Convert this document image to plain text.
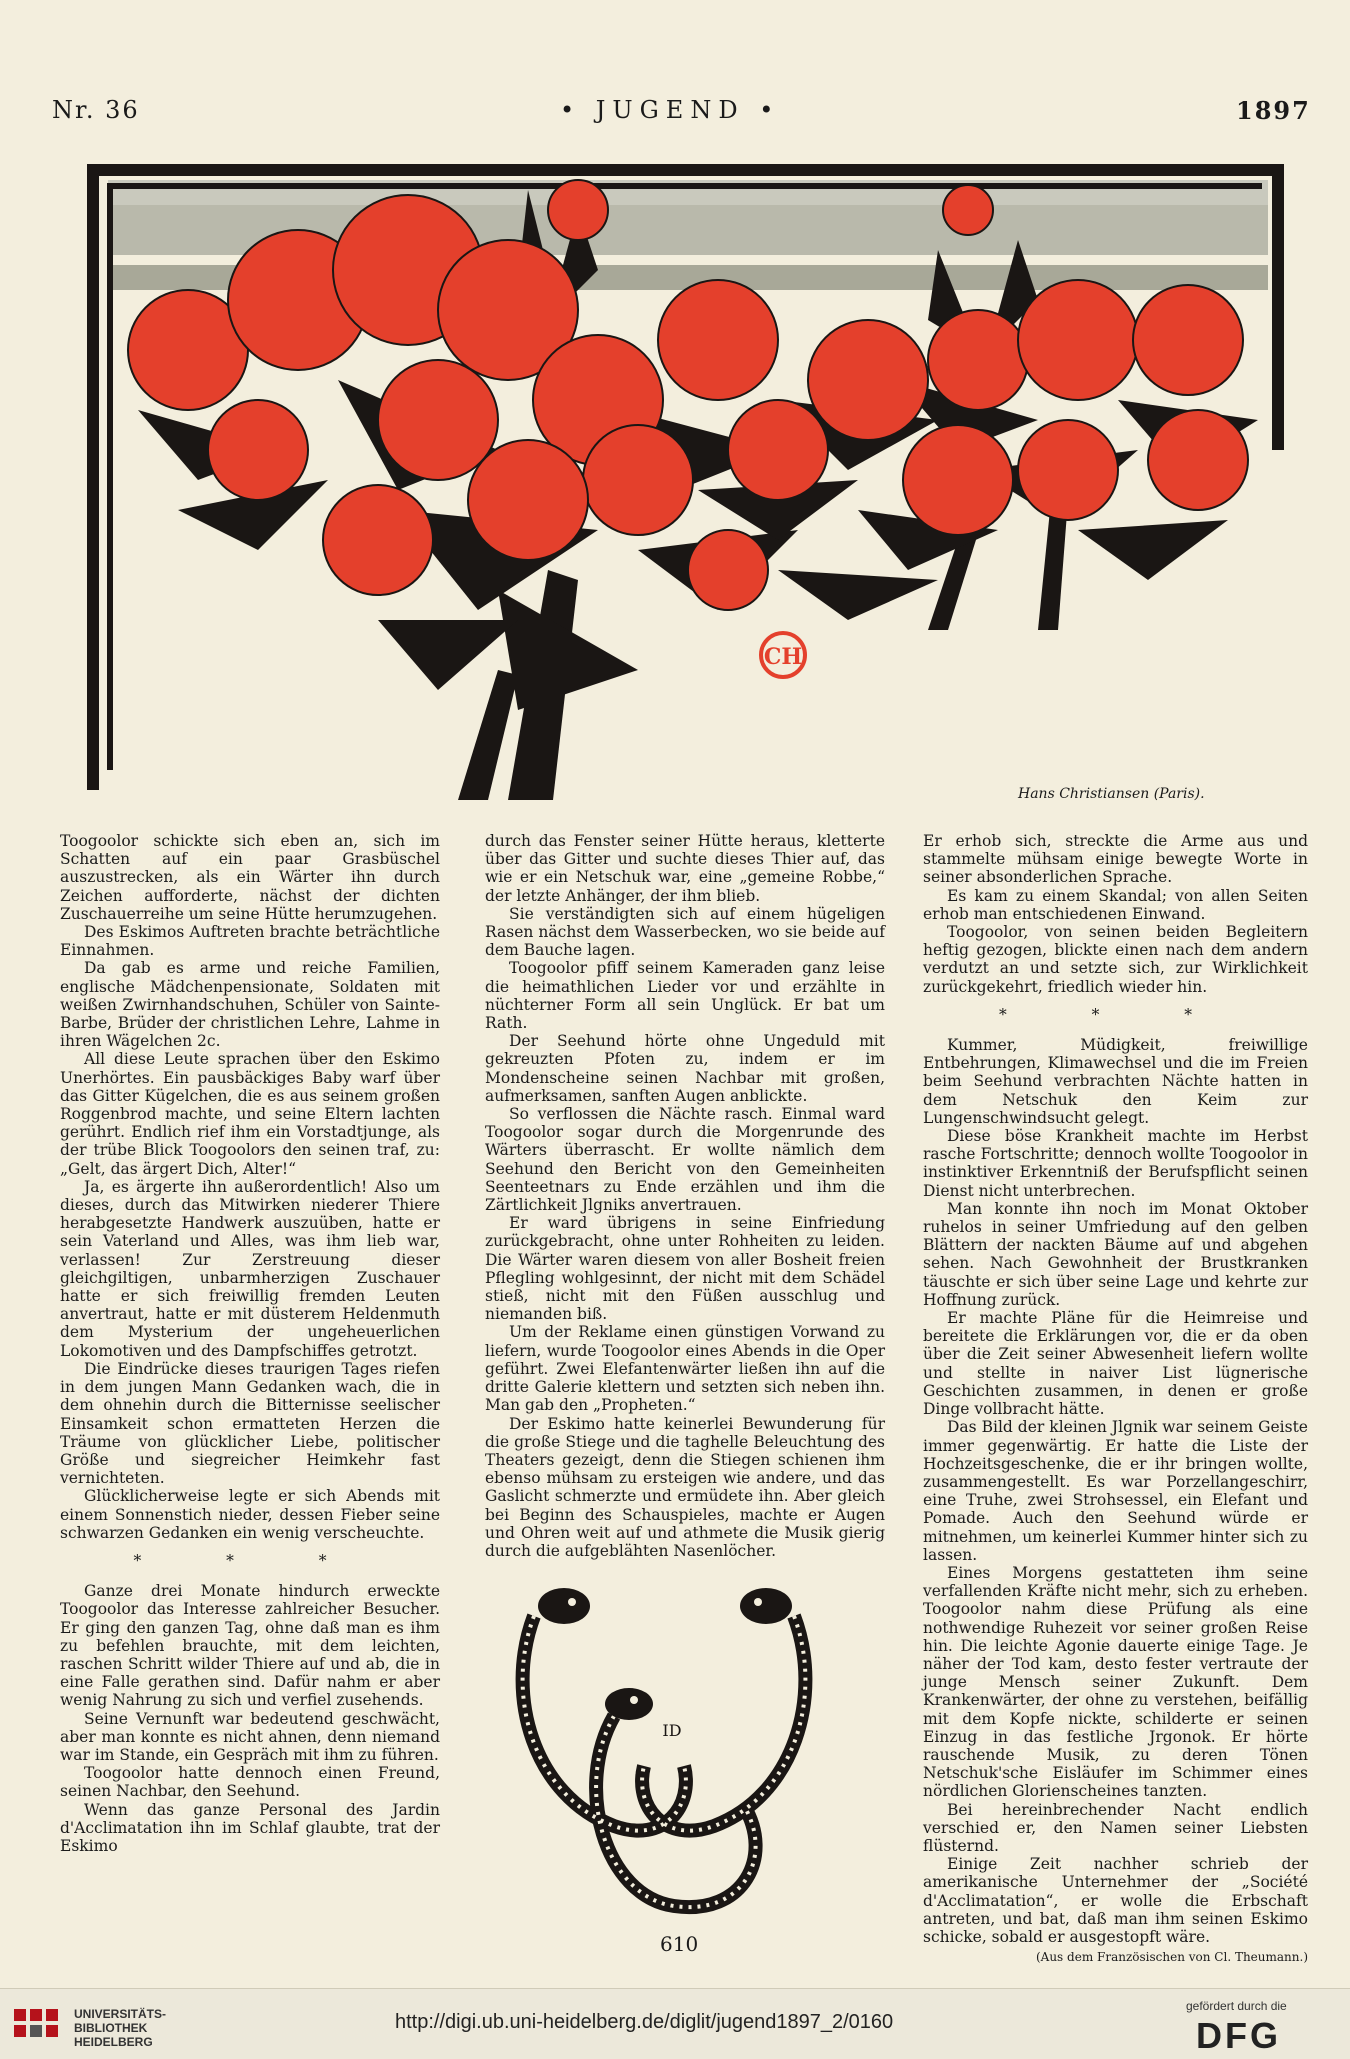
Nr. 36	• JUGEND •	1897
CH
Hans Christiansen (Paris).

Toogoolor schickte sich eben an, sich im Schatten auf ein paar Grasbüschel auszustrecken, als ein Wärter ihn durch Zeichen aufforderte, nächst der dichten Zuschauerreihe um seine Hütte herumzugehen.

Des Eskimos Auftreten brachte beträchtliche Einnahmen.

Da gab es arme und reiche Familien, englische Mädchenpensionate, Soldaten mit weißen Zwirnhandschuhen, Schüler von Sainte-Barbe, Brüder der christlichen Lehre, Lahme in ihren Wägelchen 2c.

All diese Leute sprachen über den Eskimo Unerhörtes. Ein pausbäckiges Baby warf über das Gitter Kügelchen, die es aus seinem großen Roggenbrod machte, und seine Eltern lachten gerührt. Endlich rief ihm ein Vorstadtjunge, als der trübe Blick Toogoolors den seinen traf, zu: „Gelt, das ärgert Dich, Alter!“

Ja, es ärgerte ihn außerordentlich! Also um dieses, durch das Mitwirken niederer Thiere herabgesetzte Handwerk auszuüben, hatte er sein Vaterland und Alles, was ihm lieb war, verlassen! Zur Zerstreuung dieser gleichgiltigen, unbarmherzigen Zuschauer hatte er sich freiwillig fremden Leuten anvertraut, hatte er mit düsterem Heldenmuth dem Mysterium der ungeheuerlichen Lokomotiven und des Dampfschiffes getrotzt.

Die Eindrücke dieses traurigen Tages riefen in dem jungen Mann Gedanken wach, die in dem ohnehin durch die Bitternisse seelischer Einsamkeit schon ermatteten Herzen die Träume von glücklicher Liebe, politischer Größe und siegreicher Heimkehr fast vernichteten.

Glücklicherweise legte er sich Abends mit einem Sonnenstich nieder, dessen Fieber seine schwarzen Gedanken ein wenig verscheuchte.

* * *

Ganze drei Monate hindurch erweckte Toogoolor das Interesse zahlreicher Besucher. Er ging den ganzen Tag, ohne daß man es ihm zu befehlen brauchte, mit dem leichten, raschen Schritt wilder Thiere auf und ab, die in eine Falle gerathen sind. Dafür nahm er aber wenig Nahrung zu sich und verfiel zusehends.

Seine Vernunft war bedeutend geschwächt, aber man konnte es nicht ahnen, denn niemand war im Stande, ein Gespräch mit ihm zu führen.

Toogoolor hatte dennoch einen Freund, seinen Nachbar, den Seehund.

Wenn das ganze Personal des Jardin d'Acclimatation ihn im Schlaf glaubte, trat der Eskimo

durch das Fenster seiner Hütte heraus, kletterte über das Gitter und suchte dieses Thier auf, das wie er ein Netschuk war, eine „gemeine Robbe,“ der letzte Anhänger, der ihm blieb.

Sie verständigten sich auf einem hügeligen Rasen nächst dem Wasserbecken, wo sie beide auf dem Bauche lagen.

Toogoolor pfiff seinem Kameraden ganz leise die heimathlichen Lieder vor und erzählte in nüchterner Form all sein Unglück. Er bat um Rath.

Der Seehund hörte ohne Ungeduld mit gekreuzten Pfoten zu, indem er im Mondenscheine seinen Nachbar mit großen, aufmerksamen, sanften Augen anblickte.

So verflossen die Nächte rasch. Einmal ward Toogoolor sogar durch die Morgenrunde des Wärters überrascht. Er wollte nämlich dem Seehund den Bericht von den Gemeinheiten Seenteetnars zu Ende erzählen und ihm die Zärtlichkeit Jlgniks anvertrauen.

Er ward übrigens in seine Einfriedung zurückgebracht, ohne unter Rohheiten zu leiden. Die Wärter waren diesem von aller Bosheit freien Pflegling wohlgesinnt, der nicht mit dem Schädel stieß, nicht mit den Füßen ausschlug und niemanden biß.

Um der Reklame einen günstigen Vorwand zu liefern, wurde Toogoolor eines Abends in die Oper geführt. Zwei Elefantenwärter ließen ihn auf die dritte Galerie klettern und setzten sich neben ihn. Man gab den „Propheten.“

Der Eskimo hatte keinerlei Bewunderung für die große Stiege und die taghelle Beleuchtung des Theaters gezeigt, denn die Stiegen schienen ihm ebenso mühsam zu ersteigen wie andere, und das Gaslicht schmerzte und ermüdete ihn. Aber gleich bei Beginn des Schauspieles, machte er Augen und Ohren weit auf und athmete die Musik gierig durch die aufgeblähten Nasenlöcher.

ID

Er erhob sich, streckte die Arme aus und stammelte mühsam einige bewegte Worte in seiner absonderlichen Sprache.

Es kam zu einem Skandal; von allen Seiten erhob man entschiedenen Einwand.

Toogoolor, von seinen beiden Begleitern heftig gezogen, blickte einen nach dem andern verdutzt an und setzte sich, zur Wirklichkeit zurückgekehrt, friedlich wieder hin.

* * *

Kummer, Müdigkeit, freiwillige Entbehrungen, Klimawechsel und die im Freien beim Seehund verbrachten Nächte hatten in dem Netschuk den Keim zur Lungenschwindsucht gelegt.

Diese böse Krankheit machte im Herbst rasche Fortschritte; dennoch wollte Toogoolor in instinktiver Erkenntniß der Berufspflicht seinen Dienst nicht unterbrechen.

Man konnte ihn noch im Monat Oktober ruhelos in seiner Umfriedung auf den gelben Blättern der nackten Bäume auf und abgehen sehen. Nach Gewohnheit der Brustkranken täuschte er sich über seine Lage und kehrte zur Hoffnung zurück.

Er machte Pläne für die Heimreise und bereitete die Erklärungen vor, die er da oben über die Zeit seiner Abwesenheit liefern wollte und stellte in naiver List lügnerische Geschichten zusammen, in denen er große Dinge vollbracht hätte.

Das Bild der kleinen Jlgnik war seinem Geiste immer gegenwärtig. Er hatte die Liste der Hochzeitsgeschenke, die er ihr bringen wollte, zusammengestellt. Es war Porzellangeschirr, eine Truhe, zwei Strohsessel, ein Elefant und Pomade. Auch den Seehund würde er mitnehmen, um keinerlei Kummer hinter sich zu lassen.

Eines Morgens gestatteten ihm seine verfallenden Kräfte nicht mehr, sich zu erheben. Toogoolor nahm diese Prüfung als eine nothwendige Ruhezeit vor seiner großen Reise hin. Die leichte Agonie dauerte einige Tage. Je näher der Tod kam, desto fester vertraute der junge Mensch seiner Zukunft. Dem Krankenwärter, der ohne zu verstehen, beifällig mit dem Kopfe nickte, schilderte er seinen Einzug in das festliche Jrgonok. Er hörte rauschende Musik, zu deren Tönen Netschuk'sche Eisläufer im Schimmer eines nördlichen Glorienscheines tanzten.

Bei hereinbrechender Nacht endlich verschied er, den Namen seiner Liebsten flüsternd.

Einige Zeit nachher schrieb der amerikanische Unternehmer der „Société d'Acclimatation“, er wolle die Erbschaft antreten, und bat, daß man ihm seinen Eskimo schicke, sobald er ausgestopft wäre.

(Aus dem Französischen von Cl. Theumann.)

610
UNIVERSITÄTS-
BIBLIOTHEK
HEIDELBERG
http://digi.ub.uni-heidelberg.de/diglit/jugend1897_2/0160
gefördert durch die
DFG
